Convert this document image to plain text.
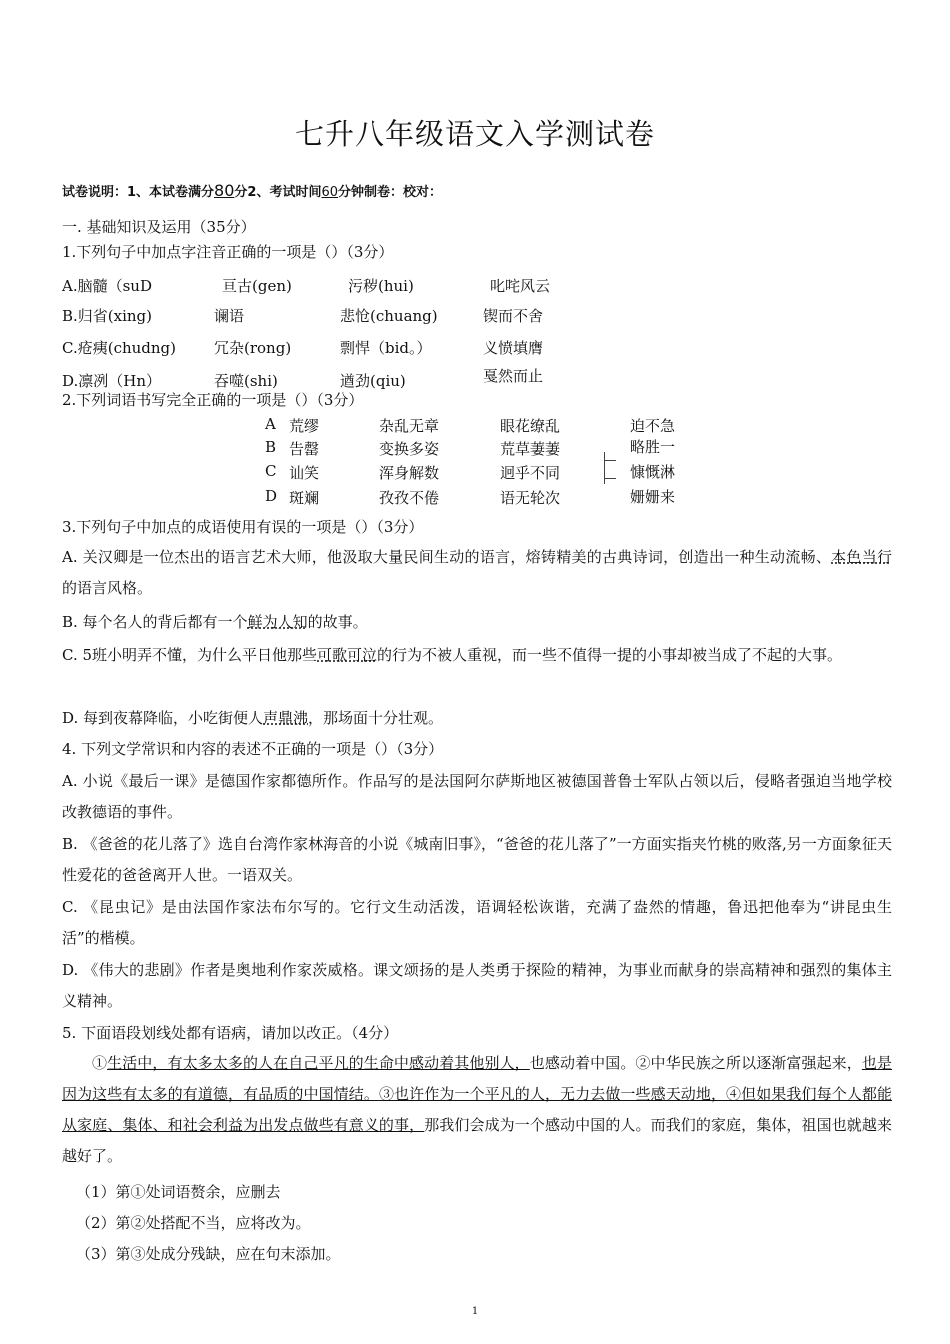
七升八年级语文入学测试卷
试卷说明：1、本试卷满分80分2、考试时间60分钟制卷：校对：
一. 基础知识及运用（35分）
1.下列句子中加点字注音正确的一项是（）（3分）
A.脑髓（suD	亘古(gen)	污秽(hui)	叱咤风云
B.归省(xing)	谰语	悲怆(chuang)	锲而不舍
C.疮痍(chudng)	冗杂(rong)	剽悍（bid。）	义愤填膺
D.凛冽（Hn）	吞噬(shi)	遒劲(qiu)	戛然而止
2.下列词语书写完全正确的一项是（）（3分）
A 荒缪	杂乱无章	眼花缭乱	迫不急
B 告罄	变换多姿	荒草萋萋	略胜一
C 讪笑	浑身解数	迥乎不同	慷慨淋
D 斑斓	孜孜不倦	语无轮次	姗姗来
3.下列句子中加点的成语使用有误的一项是（）（3分）
A. 关汉卿是一位杰出的语言艺术大师，他汲取大量民间生动的语言，熔铸精美的古典诗词，创造出一种生动流畅、本色当行的语言风格。
B. 每个名人的背后都有一个鲜为人知的故事。
C. 5班小明弄不懂，为什么平日他那些可歌可泣的行为不被人重视，而一些不值得一提的小事却被当成了不起的大事。
D. 每到夜幕降临，小吃街便人声鼎沸，那场面十分壮观。
4. 下列文学常识和内容的表述不正确的一项是（）（3分）
A. 小说《最后一课》是德国作家都德所作。作品写的是法国阿尔萨斯地区被德国普鲁士军队占领以后，侵略者强迫当地学校改教德语的事件。
B. 《爸爸的花儿落了》选自台湾作家林海音的小说《城南旧事》，“爸爸的花儿落了”一方面实指夹竹桃的败落,另一方面象征天性爱花的爸爸离开人世。一语双关。
C. 《昆虫记》是由法国作家法布尔写的。它行文生动活泼，语调轻松诙谐，充满了盎然的情趣，鲁迅把他奉为“讲昆虫生活”的楷模。
D. 《伟大的悲剧》作者是奥地利作家茨威格。课文颂扬的是人类勇于探险的精神，为事业而献身的崇高精神和强烈的集体主义精神。
5. 下面语段划线处都有语病，请加以改正。（4分）
①生活中，有太多太多的人在自己平凡的生命中感动着其他别人，也感动着中国。②中华民族之所以逐渐富强起来，也是因为这些有太多的有道德，有品质的中国情结。③也许作为一个平凡的人，无力去做一些感天动地，④但如果我们每个人都能从家庭、集体、和社会利益为出发点做些有意义的事，那我们会成为一个感动中国的人。而我们的家庭，集体，祖国也就越来越好了。
（1）第①处词语赘余，应删去
（2）第②处搭配不当，应将改为。
（3）第③处成分残缺，应在句末添加。
1
